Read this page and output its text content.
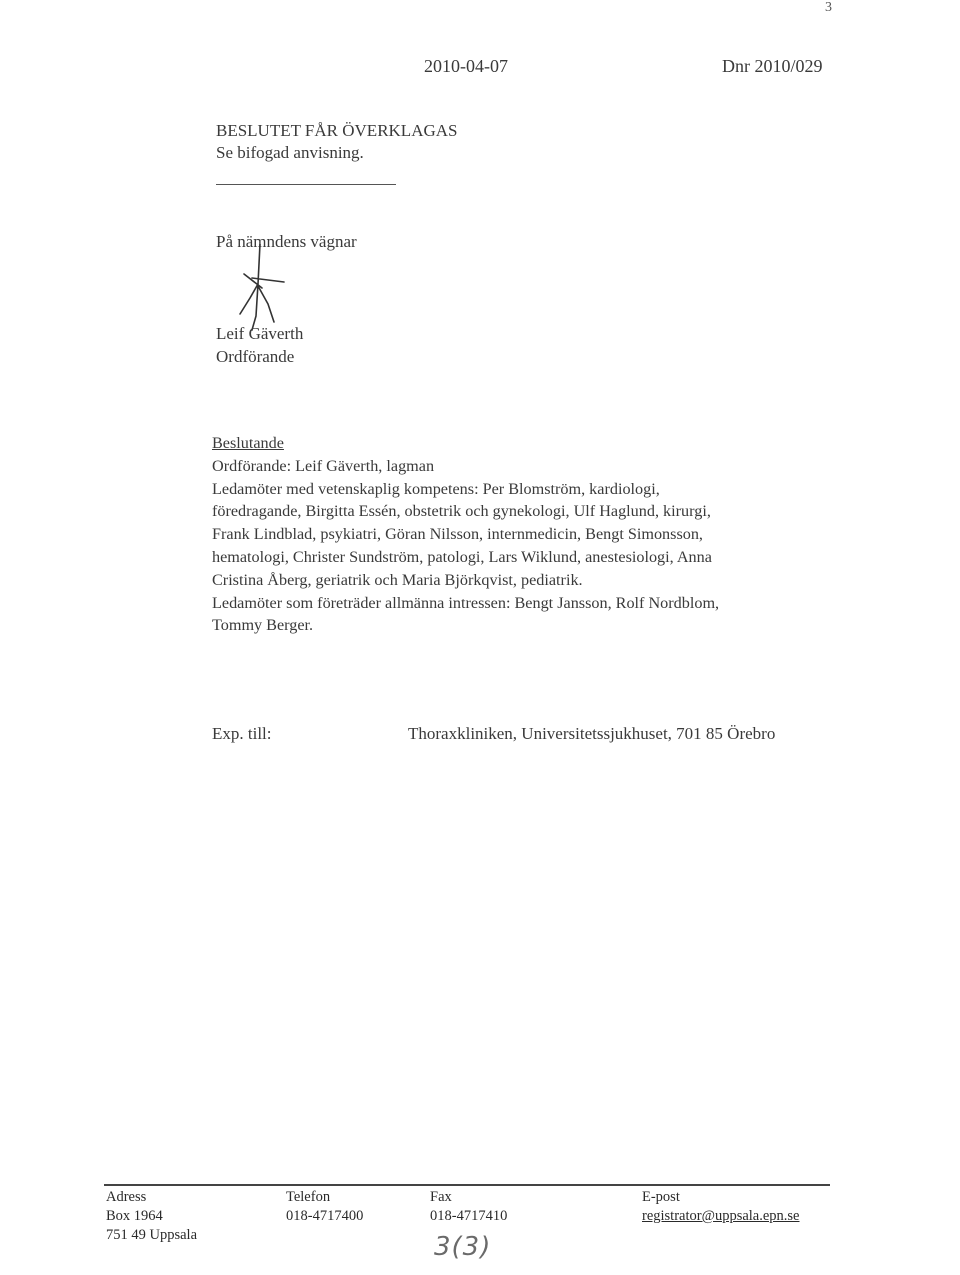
3
2010-04-07	Dnr 2010/029
BESLUTET FÅR ÖVERKLAGAS
Se bifogad anvisning.
På nämndens vägnar
Leif Gäverth
Ordförande
Beslutande
Ordförande: Leif Gäverth, lagman
Ledamöter med vetenskaplig kompetens: Per Blomström, kardiologi,
föredragande, Birgitta Essén, obstetrik och gynekologi, Ulf Haglund, kirurgi,
Frank Lindblad, psykiatri, Göran Nilsson, internmedicin, Bengt Simonsson,
hematologi, Christer Sundström, patologi, Lars Wiklund, anestesiologi, Anna
Cristina Åberg, geriatrik och Maria Björkqvist, pediatrik.
Ledamöter som företräder allmänna intressen: Bengt Jansson, Rolf Nordblom,
Tommy Berger.
Exp. till:	Thoraxkliniken, Universitetssjukhuset, 701 85 Örebro
Adress
Box 1964
751 49 Uppsala
Telefon
018-4717400
Fax
018-4717410
E-post
registrator@uppsala.epn.se
3(3)
